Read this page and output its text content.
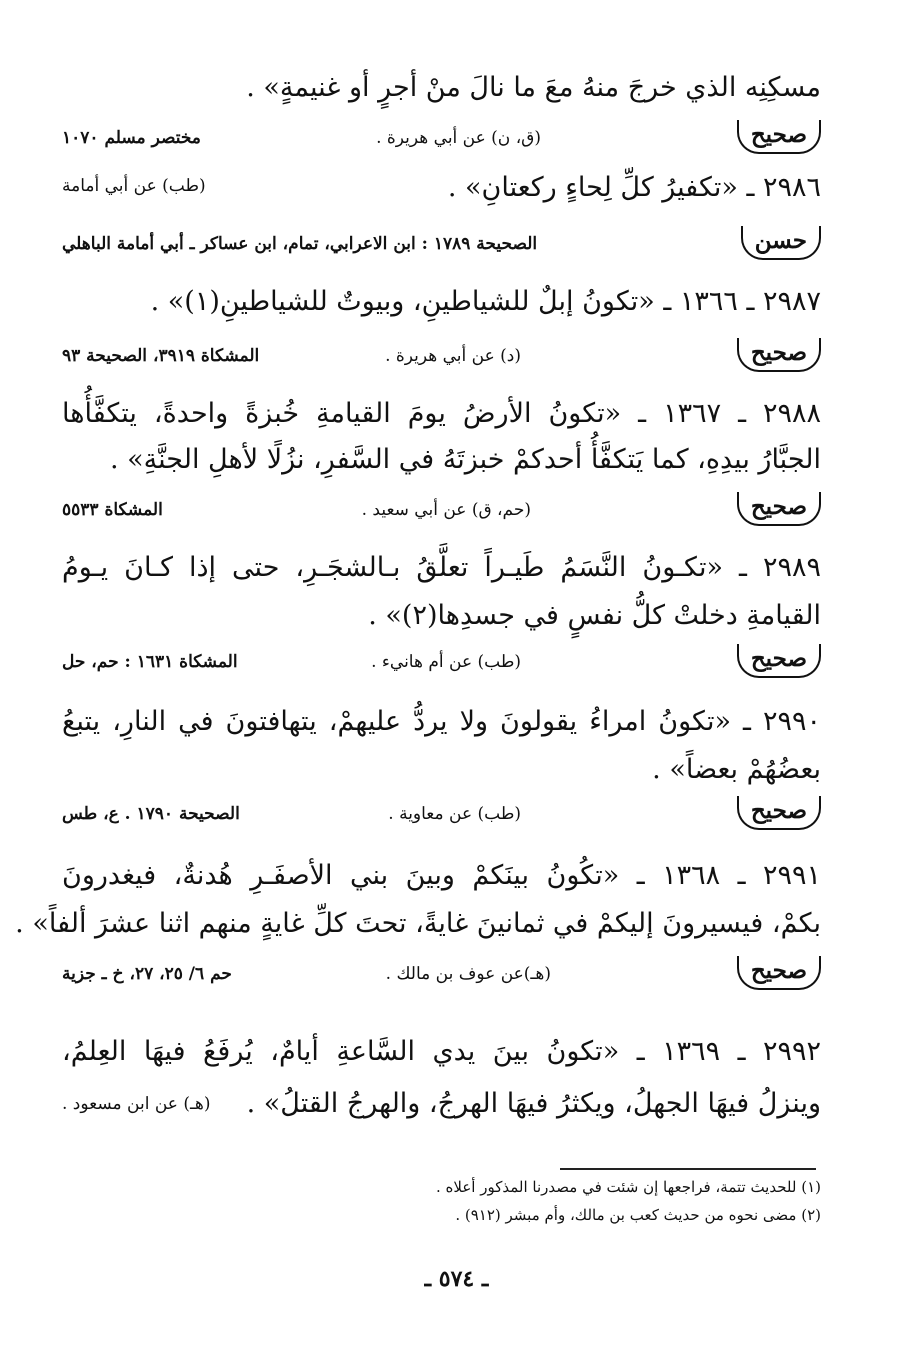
مسكِنِه الذي خرجَ منهُ معَ ما نالَ منْ أجرٍ أو غنيمةٍ» .
صحيح
(ق، ن) عن أبي هريرة .
مختصر مسلم ١٠٧٠
٢٩٨٦ ـ «تكفيرُ كلِّ لِحاءٍ ركعتانِ» .
(طب) عن أبي أمامة
حسن
الصحيحة ١٧٨٩ : ابن الاعرابي، تمام، ابن عساكر ـ أبي أمامة الباهلي
٢٩٨٧ ـ ١٣٦٦ ـ «تكونُ إبلٌ للشياطينِ، وبيوتٌ للشياطينِ(١)» .
صحيح
(د) عن أبي هريرة .
المشكاة ٣٩١٩، الصحيحة ٩٣
٢٩٨٨ ـ ١٣٦٧ ـ «تكونُ الأرضُ يومَ القيامةِ خُبزةً واحدةً، يتكفَّأُها
الجبَّارُ بيدِهِ، كما يَتكفَّأُ أحدكمْ خبزتَهُ في السَّفرِ، نزُلًا لأهلِ الجنَّةِ» .
صحيح
(حم، ق) عن أبي سعيد .
المشكاة ٥٥٣٣
٢٩٨٩ ـ «تكـونُ النَّسَمُ طَيـراً تعلَّقُ بـالشجَـرِ، حتى إذا كـانَ يـومُ
القيامةِ دخلتْ كلُّ نفسٍ في جسدِها(٢)» .
صحيح
(طب) عن أم هانيء .
المشكاة ١٦٣١ : حم، حل
٢٩٩٠ ـ «تكونُ امراءُ يقولونَ ولا يردُّ عليهمْ، يتهافتونَ في النارِ، يتبعُ
بعضُهُمْ بعضاً» .
صحيح
(طب) عن معاوية .
الصحيحة ١٧٩٠ . ع، طس
٢٩٩١ ـ ١٣٦٨ ـ «تكُونُ بينَكمْ وبينَ بني الأصفَـرِ هُدنةٌ، فيغدرونَ
بكمْ، فيسيرونَ إليكمْ في ثمانينَ غايةً، تحتَ كلِّ غايةٍ منهم اثنا عشرَ ألفاً» .
صحيح
(هـ)عن عوف بن مالك .
حم ٦/ ٢٥، ٢٧، خ ـ جزية
٢٩٩٢ ـ ١٣٦٩ ـ «تكونُ بينَ يدي السَّاعةِ أيامٌ، يُرفَعُ فيهَا العِلمُ،
وينزلُ فيهَا الجهلُ، ويكثرُ فيهَا الهرجُ، والهرجُ القتلُ» .
(هـ) عن ابن مسعود .
(١) للحديث تتمة، فراجعها إن شئت في مصدرنا المذكور أعلاه .
(٢) مضى نحوه من حديث كعب بن مالك، وأم مبشر (٩١٢) .
ـ ٥٧٤ ـ
